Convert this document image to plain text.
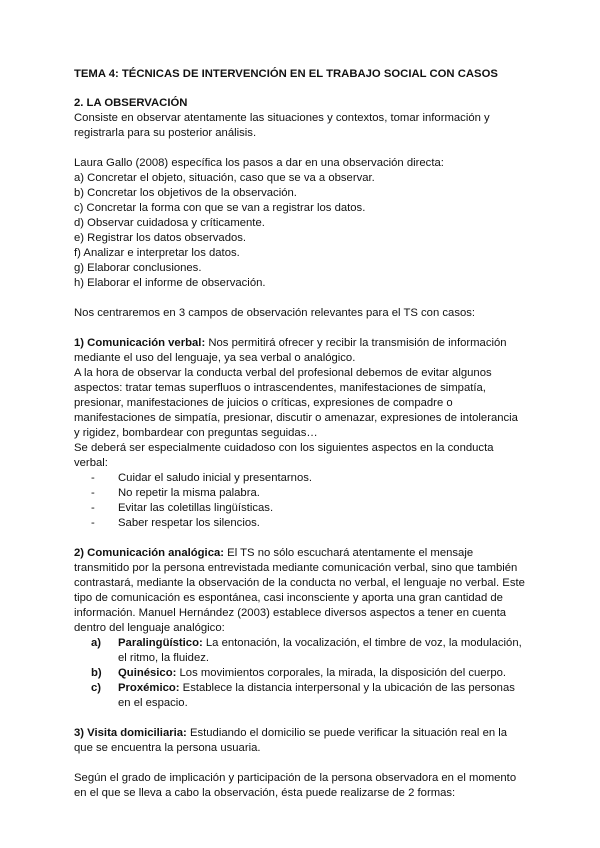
TEMA 4: TÉCNICAS DE INTERVENCIÓN EN EL TRABAJO SOCIAL CON CASOS

2. LA OBSERVACIÓN

Consiste en observar atentamente las situaciones y contextos, tomar información y registrarla para su posterior análisis.

Laura Gallo (2008) específica los pasos a dar en una observación directa:

a) Concretar el objeto, situación, caso que se va a observar.
b) Concretar los objetivos de la observación.
c) Concretar la forma con que se van a registrar los datos.
d) Observar cuidadosa y críticamente.
e) Registrar los datos observados.
f) Analizar e interpretar los datos.
g) Elaborar conclusiones.
h) Elaborar el informe de observación.

Nos centraremos en 3 campos de observación relevantes para el TS con casos:

1) Comunicación verbal: Nos permitirá ofrecer y recibir la transmisión de información mediante el uso del lenguaje, ya sea verbal o analógico.

A la hora de observar la conducta verbal del profesional debemos de evitar algunos aspectos: tratar temas superfluos o intrascendentes, manifestaciones de simpatía, presionar, manifestaciones de juicios o críticas, expresiones de compadre o manifestaciones de simpatía, presionar, discutir o amenazar, expresiones de intolerancia y rigidez, bombardear con preguntas seguidas…

Se deberá ser especialmente cuidadoso con los siguientes aspectos en la conducta verbal:

- Cuidar el saludo inicial y presentarnos.
- No repetir la misma palabra.
- Evitar las coletillas lingüísticas.
- Saber respetar los silencios.

2) Comunicación analógica: El TS no sólo escuchará atentamente el mensaje transmitido por la persona entrevistada mediante comunicación verbal, sino que también contrastará, mediante la observación de la conducta no verbal, el lenguaje no verbal. Este tipo de comunicación es espontánea, casi inconsciente y aporta una gran cantidad de información. Manuel Hernández (2003) establece diversos aspectos a tener en cuenta dentro del lenguaje analógico:

a) Paralingüístico: La entonación, la vocalización, el timbre de voz, la modulación, el ritmo, la fluidez.
b) Quinésico: Los movimientos corporales, la mirada, la disposición del cuerpo.
c) Proxémico: Establece la distancia interpersonal y la ubicación de las personas en el espacio.

3) Visita domiciliaria: Estudiando el domicilio se puede verificar la situación real en la que se encuentra la persona usuaria.

Según el grado de implicación y participación de la persona observadora en el momento en el que se lleva a cabo la observación, ésta puede realizarse de 2 formas:
